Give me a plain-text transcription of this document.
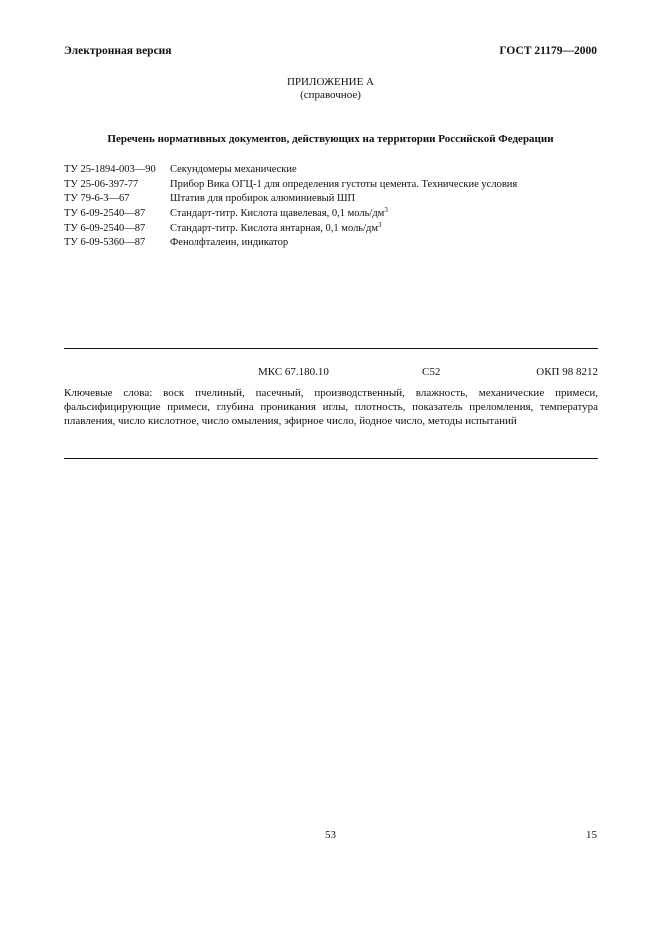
Электронная версия	ГОСТ 21179—2000
ПРИЛОЖЕНИЕ А
(справочное)
Перечень нормативных документов, действующих на территории Российской Федерации
ТУ 25-1894-003—90 Секундомеры механические
ТУ 25-06-397-77	Прибор Вика ОГЦ-1 для определения густоты цемента. Технические условия
ТУ 79-6-3—67	Штатив для пробирок алюминиевый ШП
ТУ 6-09-2540—87 Стандарт-титр. Кислота щавелевая, 0,1 моль/$дм^3$
ТУ 6-09-2540—87 Стандарт-титр. Кислота янтарная, 0,1 моль/$дм^3$
ТУ 6-09-5360—87 Фенолфталеин, индикатор
МКС 67.180.10	C52	ОКП 98 8212
Ключевые слова: воск пчелиный, пасечный, производственный, влажность, механические примеси, фальсифицирующие примеси, глубина проникания иглы, плотность, показатель преломления, температура плавления, число кислотное, число омыления, эфирное число, йодное число, методы испытаний
53	15
